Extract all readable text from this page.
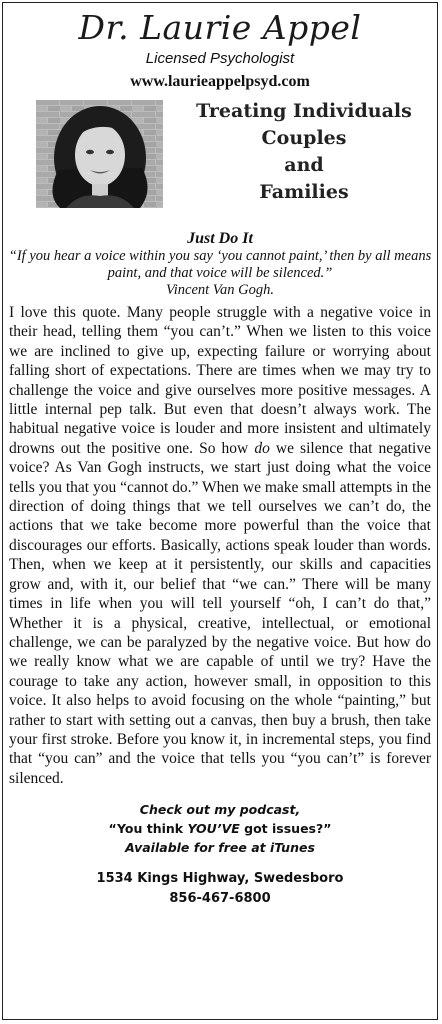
Dr. Laurie Appel
Licensed Psychologist
www.laurieappelpsyd.com
Treating Individuals
Couples
and
Families
Just Do It
“If you hear a voice within you say ‘you cannot paint,’ then by all means paint, and that voice will be silenced.”
Vincent Van Gogh.
I love this quote. Many people struggle with a negative voice in their head, telling them “you can’t.” When we listen to this voice we are inclined to give up, expecting failure or worrying about falling short of expectations. There are times when we may try to challenge the voice and give ourselves more positive messages. A little internal pep talk. But even that doesn’t always work. The habitual negative voice is louder and more insistent and ultimately drowns out the positive one. So how do we silence that negative voice? As Van Gogh instructs, we start just doing what the voice tells you that you “cannot do.” When we make small attempts in the direction of doing things that we tell ourselves we can’t do, the actions that we take become more powerful than the voice that discourages our efforts. Basically, actions speak louder than words. Then, when we keep at it persistently, our skills and capacities grow and, with it, our belief that “we can.” There will be many times in life when you will tell yourself “oh, I can’t do that,” Whether it is a physical, creative, intellectual, or emotional challenge, we can be paralyzed by the negative voice. But how do we really know what we are capable of until we try? Have the courage to take any action, however small, in opposition to this voice. It also helps to avoid focusing on the whole “painting,” but rather to start with setting out a canvas, then buy a brush, then take your first stroke. Before you know it, in incremental steps, you find that “you can” and the voice that tells you “you can’t” is forever silenced.
Check out my podcast,
“You think YOU’VE got issues?”
Available for free at iTunes
1534 Kings Highway, Swedesboro
856-467-6800
